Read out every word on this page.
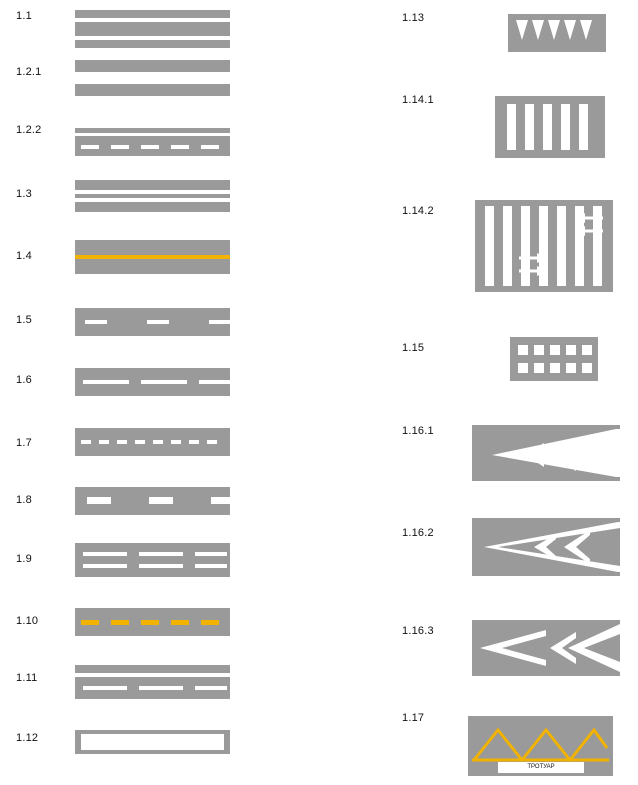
1.1
1.2.1
1.2.2
1.3
1.4
1.5
1.6
1.7
1.8
1.9
1.10
1.11
1.12
1.13
1.14.1
1.14.2
1.15
1.16.1
1.16.2
1.16.3
1.17
ТРОТУАР
